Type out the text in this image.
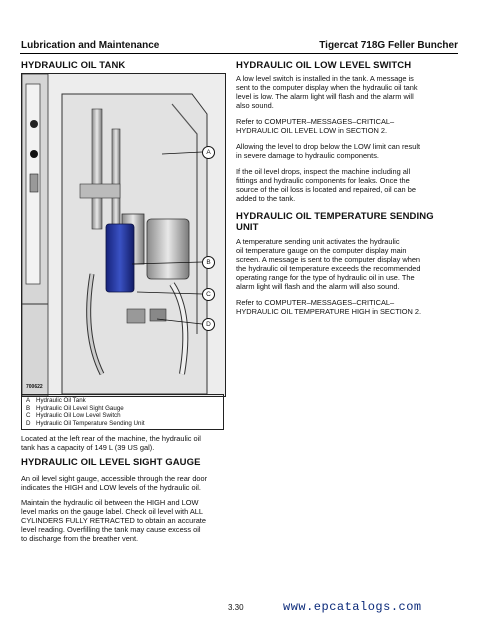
Lubrication and Maintenance	Tigercat 718G Feller Buncher
HYDRAULIC OIL TANK
A
B
C
D
700622
A Hydraulic Oil Tank
B Hydraulic Oil Level Sight Gauge
C Hydraulic Oil Low Level Switch
D Hydraulic Oil Temperature Sending Unit
Located at the left rear of the machine, the hydraulic oil
tank has a capacity of 149 L (39 US gal).
HYDRAULIC OIL LEVEL SIGHT GAUGE
An oil level sight gauge, accessible through the rear door
indicates the HIGH and LOW levels of the hydraulic oil.
Maintain the hydraulic oil between the HIGH and LOW
level marks on the gauge label. Check oil level with ALL
CYLINDERS FULLY RETRACTED to obtain an accurate
level reading. Overfilling the tank may cause excess oil
to discharge from the breather vent.
HYDRAULIC OIL LOW LEVEL SWITCH
A low level switch is installed in the tank. A message is
sent to the computer display when the hydraulic oil tank
level is low. The alarm light will flash and the alarm will
also sound.
Refer to COMPUTER–MESSAGES–CRITICAL–
HYDRAULIC OIL LEVEL LOW in SECTION 2.
Allowing the level to drop below the LOW limit can result
in severe damage to hydraulic components.
If the oil level drops, inspect the machine including all
fittings and hydraulic components for leaks. Once the
source of the oil loss is located and repaired, oil can be
added to the tank.
HYDRAULIC OIL TEMPERATURE SENDING
UNIT
A temperature sending unit activates the hydraulic
oil temperature gauge on the computer display main
screen. A message is sent to the computer display when
the hydraulic oil temperature exceeds the recommended
operating range for the type of hydraulic oil in use. The
alarm light will flash and the alarm will also sound.
Refer to COMPUTER–MESSAGES–CRITICAL–
HYDRAULIC OIL TEMPERATURE HIGH in SECTION 2.
3.30	www.epcatalogs.com
